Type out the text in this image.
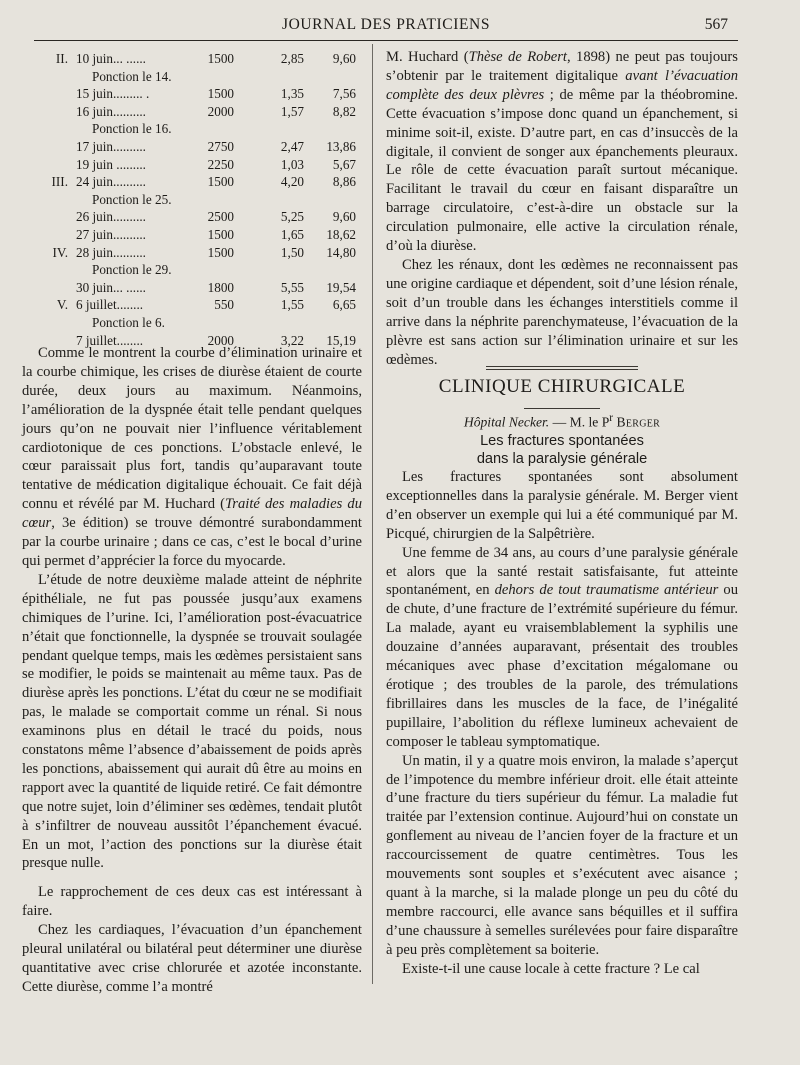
JOURNAL DES PRATICIENS	567
II. 10 juin... ......	1500	2,85	9,60
Ponction le 14.
15 juin......... .	1500	1,35	7,56
16 juin..........	2000	1,57	8,82
Ponction le 16.
17 juin..........	2750	2,47	13,86
19 juin .........	2250	1,03	5,67
III. 24 juin..........	1500	4,20	8,86
Ponction le 25.
26 juin..........	2500	5,25	9,60
27 juin..........	1500	1,65	18,62
IV. 28 juin..........	1500	1,50	14,80
Ponction le 29.
30 juin... ......	1800	5,55	19,54
V. 6 juillet........	550	1,55	6,65
Ponction le 6.
7 juillet........	2000	3,22	15,19

Comme le montrent la courbe d’élimination urinaire et la courbe chimique, les crises de diurèse étaient de courte durée, deux jours au maximum. Néanmoins, l’amélioration de la dyspnée était telle pendant quelques jours qu’on ne pouvait nier l’influence véritablement cardiotonique de ces ponctions. L’obstacle enlevé, le cœur paraissait plus fort, tandis qu’auparavant toute tentative de médication digitalique échouait. Ce fait déjà connu et révélé par M. Huchard (Traité des maladies du cœur, 3e édition) se trouve démontré surabondamment par la courbe urinaire ; dans ce cas, c’est le bocal d’urine qui permet d’apprécier la force du myocarde.

L’étude de notre deuxième malade atteint de néphrite épithéliale, ne fut pas poussée jusqu’aux examens chimiques de l’urine. Ici, l’amélioration post-évacuatrice n’était que fonctionnelle, la dyspnée se trouvait soulagée pendant quelque temps, mais les œdèmes persistaient sans se modifier, le poids se maintenait au même taux. Pas de diurèse après les ponctions. L’état du cœur ne se modifiait pas, le malade se comportait comme un rénal. Si nous examinons plus en détail le tracé du poids, nous constatons même l’absence d’abaissement de poids après les ponctions, abaissement qui aurait dû être au moins en rapport avec la quantité de liquide retiré. Ce fait démontre que notre sujet, loin d’éliminer ses œdèmes, tendait plutôt à s’infiltrer de nouveau aussitôt l’épanchement évacué. En un mot, l’action des ponctions sur la diurèse était presque nulle.

Le rapprochement de ces deux cas est intéressant à faire.

Chez les cardiaques, l’évacuation d’un épanchement pleural unilatéral ou bilatéral peut déterminer une diurèse quantitative avec crise chlorurée et azotée inconstante. Cette diurèse, comme l’a montré

M. Huchard (Thèse de Robert, 1898) ne peut pas toujours s’obtenir par le traitement digitalique avant l’évacuation complète des deux plèvres ; de même par la théobromine. Cette évacuation s’impose donc quand un épanchement, si minime soit-il, existe. D’autre part, en cas d’insuccès de la digitale, il convient de songer aux épanchements pleuraux. Le rôle de cette évacuation paraît surtout mécanique. Facilitant le travail du cœur en faisant disparaître un barrage circulatoire, c’est-à-dire un obstacle sur la circulation pulmonaire, elle active la circulation rénale, d’où la diurèse.

Chez les rénaux, dont les œdèmes ne reconnaissent pas une origine cardiaque et dépendent, soit d’une lésion rénale, soit d’un trouble dans les échanges interstitiels comme il arrive dans la néphrite parenchymateuse, l’évacuation de la plèvre est sans action sur l’élimination urinaire et sur les œdèmes.

CLINIQUE CHIRURGICALE
Hôpital Necker. — M. le $P^r$ Berger
Les fractures spontanées
dans la paralysie générale

Les fractures spontanées sont absolument exceptionnelles dans la paralysie générale. M. Berger vient d’en observer un exemple qui lui a été communiqué par M. Picqué, chirurgien de la Salpêtrière.

Une femme de 34 ans, au cours d’une paralysie générale et alors que la santé restait satisfaisante, fut atteinte spontanément, en dehors de tout traumatisme antérieur ou de chute, d’une fracture de l’extrémité supérieure du fémur. La malade, ayant eu vraisemblablement la syphilis une douzaine d’années auparavant, présentait des troubles mécaniques avec phase d’excitation mégalomane ou érotique ; des troubles de la parole, des trémulations fibrillaires dans les muscles de la face, de l’inégalité pupillaire, l’abolition du réflexe lumineux achevaient de composer le tableau symptomatique.

Un matin, il y a quatre mois environ, la malade s’aperçut de l’impotence du membre inférieur droit. elle était atteinte d’une fracture du tiers supérieur du fémur. La maladie fut traitée par l’extension continue. Aujourd’hui on constate un gonflement au niveau de l’ancien foyer de la fracture et un raccourcissement de quatre centimètres. Tous les mouvements sont souples et s’exécutent avec aisance ; quant à la marche, si la malade plonge un peu du côté du membre raccourci, elle avance sans béquilles et il suffira d’une chaussure à semelles surélevées pour faire disparaître à peu près complètement sa boiterie.

Existe-t-il une cause locale à cette fracture ? Le cal
